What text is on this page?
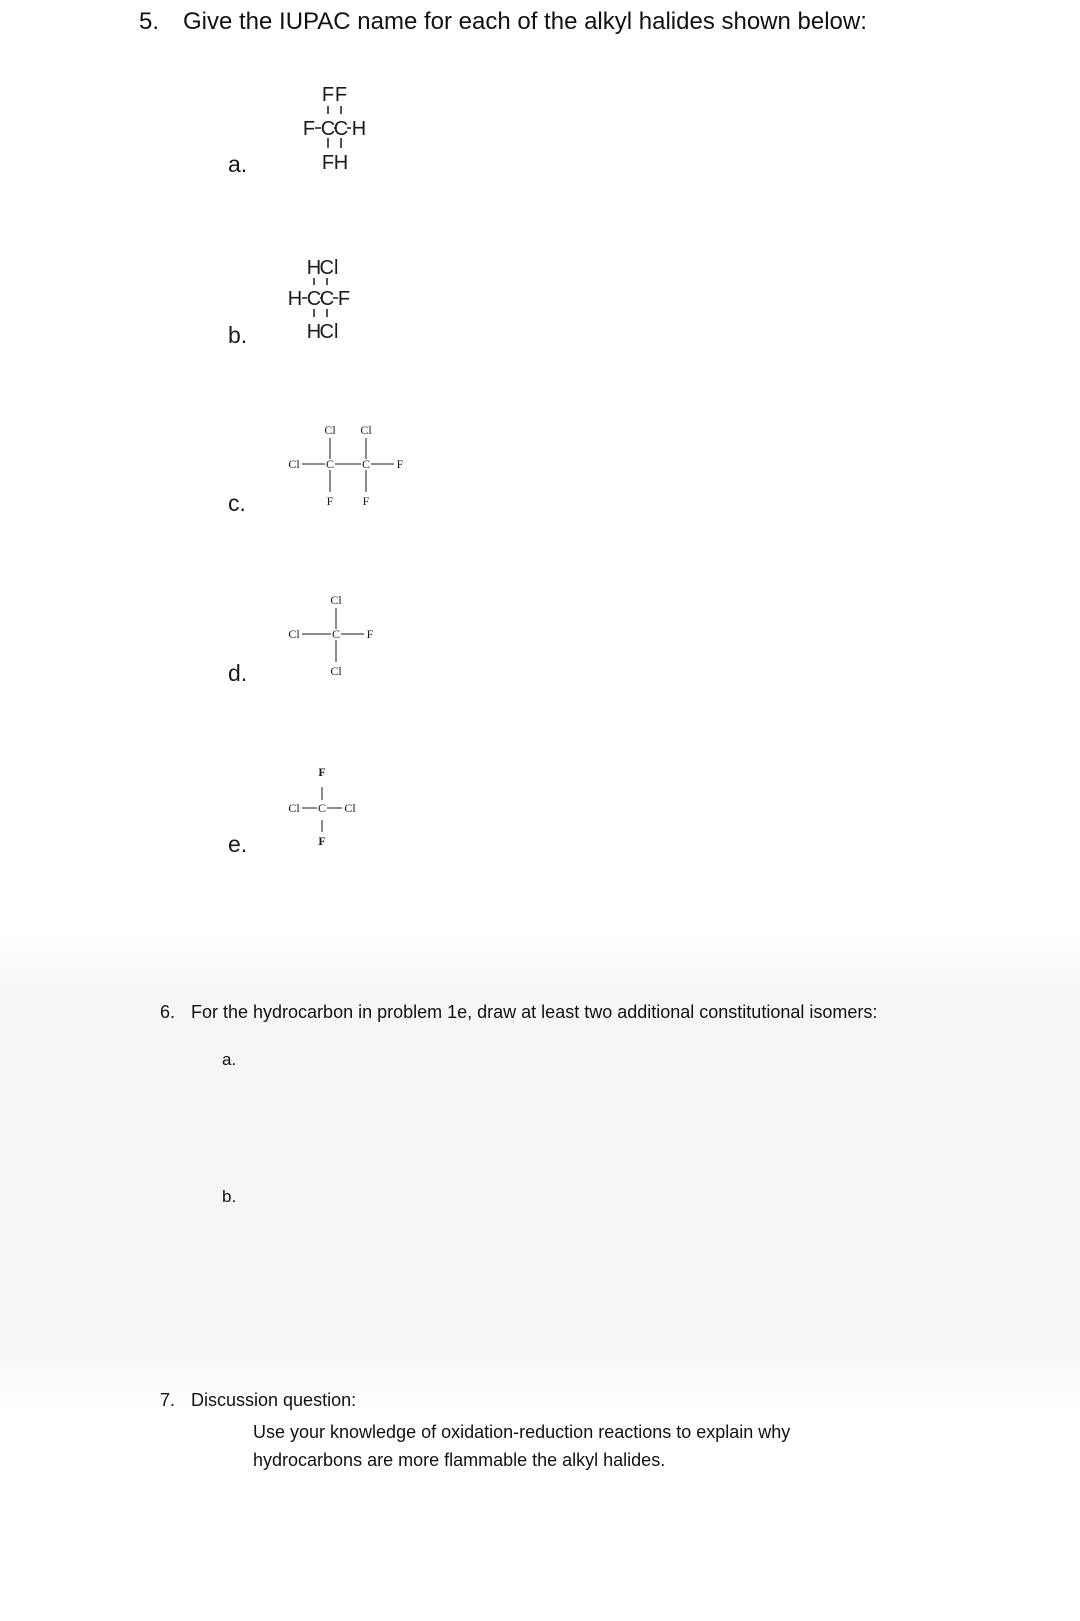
5. Give the IUPAC name for each of the alkyl halides shown below:
a.
F F
F C
C H
F H
b.
H
Cl
H C
C F
H
Cl
c.
Cl Cl
Cl C C F
F F
d.
Cl
Cl	C F
Cl
e.
F
Cl C Cl
F
6. For the hydrocarbon in problem 1e, draw at least two additional constitutional isomers:
a.
b.
7. Discussion question:
Use your knowledge of oxidation-reduction reactions to explain why hydrocarbons are more flammable the alkyl halides.
